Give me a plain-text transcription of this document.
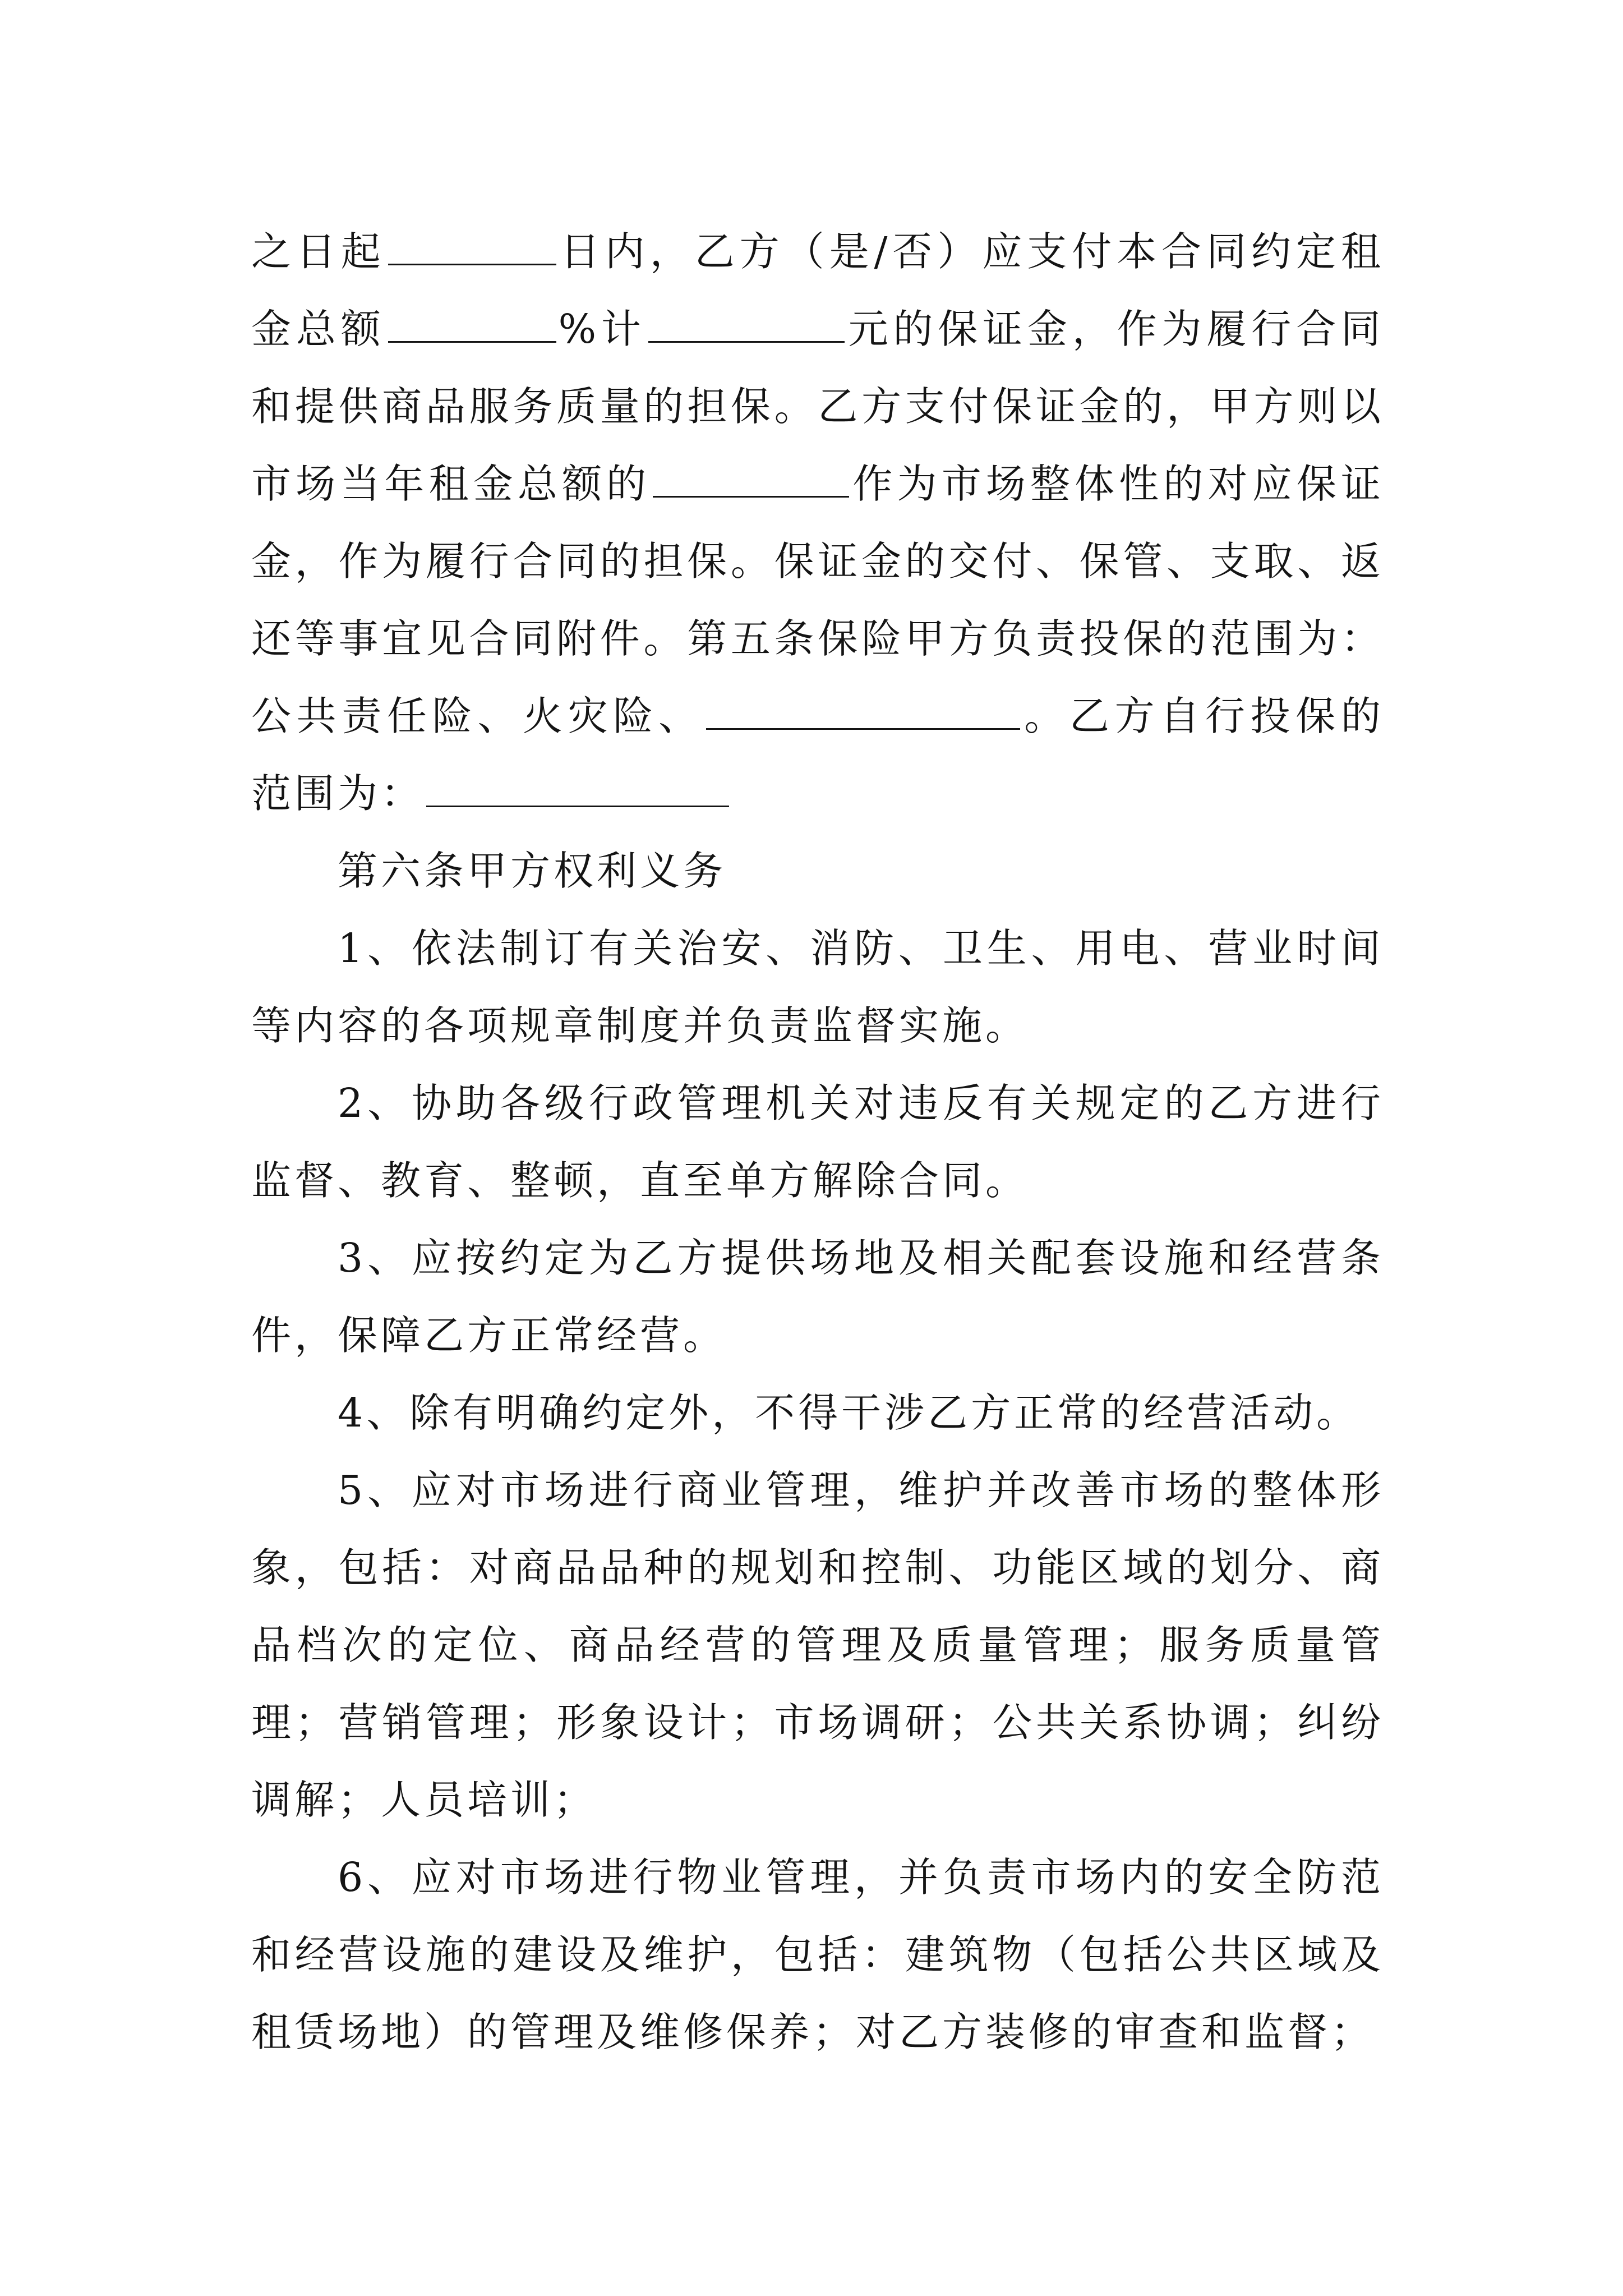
之日起	日内，乙方（是/否）应支付本合同约定租金总额	%计	元的保证金，作为履行合同和提供商品服务质量的担保。乙方支付保证金的，甲方则以市场当年租金总额的	作为市场整体性的对应保证金，作为履行合同的担保。保证金的交付、保管、支取、返还等事宜见合同附件。第五条保险甲方负责投保的范围为：公共责任险、火灾险、	。乙方自行投保的范围为：

第六条甲方权利义务

1、依法制订有关治安、消防、卫生、用电、营业时间等内容的各项规章制度并负责监督实施。

2、协助各级行政管理机关对违反有关规定的乙方进行监督、教育、整顿，直至单方解除合同。

3、应按约定为乙方提供场地及相关配套设施和经营条件，保障乙方正常经营。

4、除有明确约定外，不得干涉乙方正常的经营活动。

5、应对市场进行商业管理，维护并改善市场的整体形象，包括：对商品品种的规划和控制、功能区域的划分、商品档次的定位、商品经营的管理及质量管理；服务质量管理；营销管理；形象设计；市场调研；公共关系协调；纠纷调解；人员培训；

6、应对市场进行物业管理，并负责市场内的安全防范和经营设施的建设及维护，包括：建筑物（包括公共区域及租赁场地）的管理及维修保养；对乙方装修的审查和监督；
